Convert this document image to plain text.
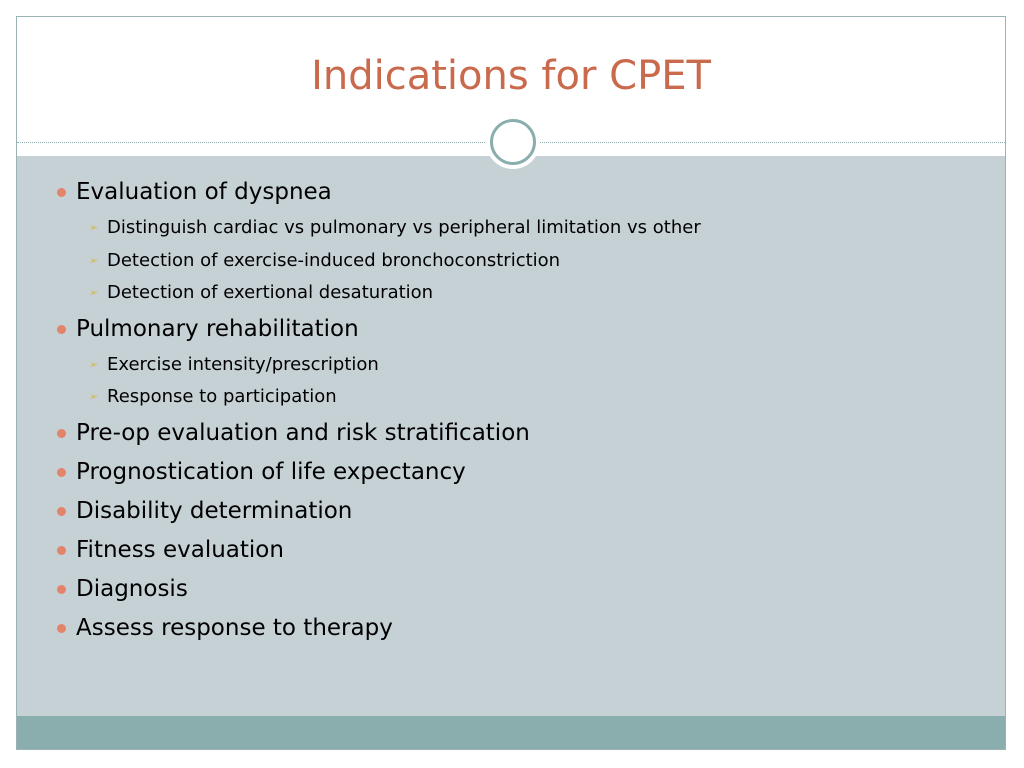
Indications for CPET
Evaluation of dyspnea
➢ Distinguish cardiac vs pulmonary vs peripheral limitation vs other
➢ Detection of exercise-induced bronchoconstriction
➢ Detection of exertional desaturation
Pulmonary rehabilitation
➢ Exercise intensity/prescription
➢ Response to participation
Pre-op evaluation and risk stratification
Prognostication of life expectancy
Disability determination
Fitness evaluation
Diagnosis
Assess response to therapy
